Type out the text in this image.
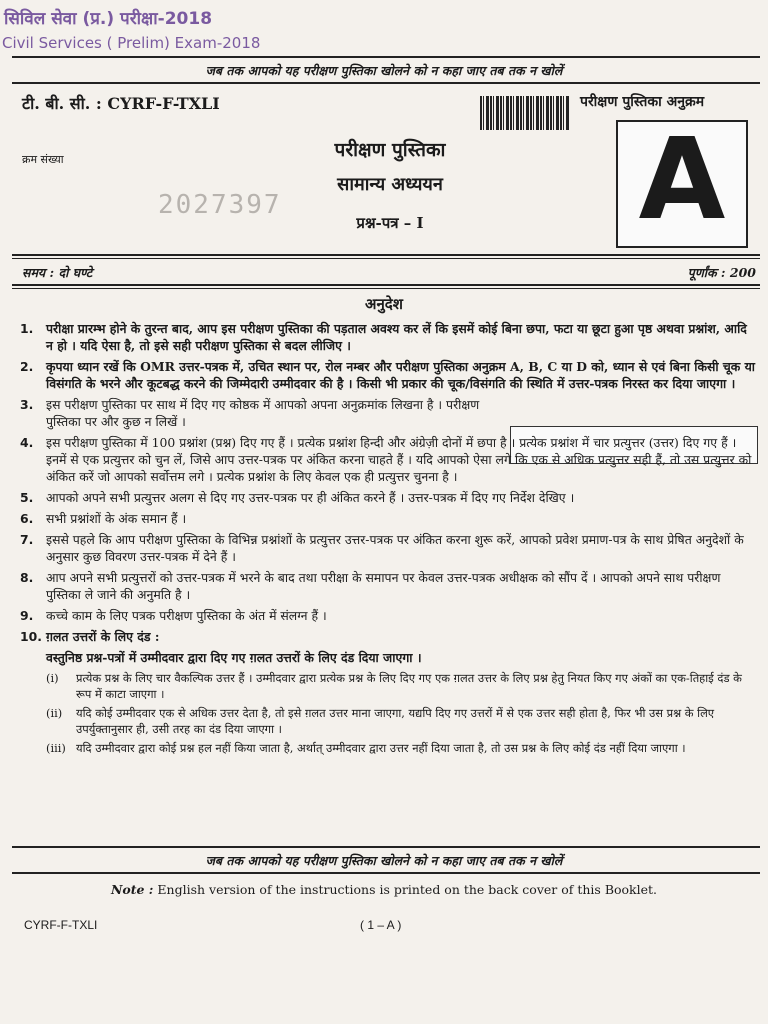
सिविल सेवा (प्र.) परीक्षा-2018
Civil Services ( Prelim) Exam-2018
जब तक आपको यह परीक्षण पुस्तिका खोलने को न कहा जाए तब तक न खोलें
टी. बी. सी. : CYRF-F-TXLI	परीक्षण पुस्तिका अनुक्रम
क्रम संख्या
2027397
परीक्षण पुस्तिका
सामान्य अध्ययन
प्रश्न-पत्र – I	A
समय : दो घण्टे	पूर्णांक : 200
अनुदेश
1.	परीक्षा प्रारम्भ होने के तुरन्त बाद, आप इस परीक्षण पुस्तिका की पड़ताल अवश्य कर लें कि इसमें कोई बिना छपा, फटा या छूटा हुआ पृष्ठ अथवा प्रश्नांश, आदि न हो । यदि ऐसा है, तो इसे सही परीक्षण पुस्तिका से बदल लीजिए ।
2.	कृपया ध्यान रखें कि OMR उत्तर-पत्रक में, उचित स्थान पर, रोल नम्बर और परीक्षण पुस्तिका अनुक्रम A, B, C या D को, ध्यान से एवं बिना किसी चूक या विसंगति के भरने और कूटबद्ध करने की जिम्मेदारी उम्मीदवार की है । किसी भी प्रकार की चूक/विसंगति की स्थिति में उत्तर-पत्रक निरस्त कर दिया जाएगा ।
3.	इस परीक्षण पुस्तिका पर साथ में दिए गए कोष्ठक में आपको अपना अनुक्रमांक लिखना है । परीक्षण पुस्तिका पर और कुछ न लिखें ।
4.	इस परीक्षण पुस्तिका में 100 प्रश्नांश (प्रश्न) दिए गए हैं । प्रत्येक प्रश्नांश हिन्दी और अंग्रेज़ी दोनों में छपा है । प्रत्येक प्रश्नांश में चार प्रत्युत्तर (उत्तर) दिए गए हैं । इनमें से एक प्रत्युत्तर को चुन लें, जिसे आप उत्तर-पत्रक पर अंकित करना चाहते हैं । यदि आपको ऐसा लगे कि एक से अधिक प्रत्युत्तर सही हैं, तो उस प्रत्युत्तर को अंकित करें जो आपको सर्वोत्तम लगे । प्रत्येक प्रश्नांश के लिए केवल एक ही प्रत्युत्तर चुनना है ।
5.	आपको अपने सभी प्रत्युत्तर अलग से दिए गए उत्तर-पत्रक पर ही अंकित करने हैं । उत्तर-पत्रक में दिए गए निर्देश देखिए ।
6.	सभी प्रश्नांशों के अंक समान हैं ।
7.	इससे पहले कि आप परीक्षण पुस्तिका के विभिन्न प्रश्नांशों के प्रत्युत्तर उत्तर-पत्रक पर अंकित करना शुरू करें, आपको प्रवेश प्रमाण-पत्र के साथ प्रेषित अनुदेशों के अनुसार कुछ विवरण उत्तर-पत्रक में देने हैं ।
8.	आप अपने सभी प्रत्युत्तरों को उत्तर-पत्रक में भरने के बाद तथा परीक्षा के समापन पर केवल उत्तर-पत्रक अधीक्षक को सौंप दें । आपको अपने साथ परीक्षण पुस्तिका ले जाने की अनुमति है ।
9.	कच्चे काम के लिए पत्रक परीक्षण पुस्तिका के अंत में संलग्न हैं ।
10. ग़लत उत्तरों के लिए दंड :
वस्तुनिष्ठ प्रश्न-पत्रों में उम्मीदवार द्वारा दिए गए ग़लत उत्तरों के लिए दंड दिया जाएगा ।
(i)	प्रत्येक प्रश्न के लिए चार वैकल्पिक उत्तर हैं । उम्मीदवार द्वारा प्रत्येक प्रश्न के लिए दिए गए एक ग़लत उत्तर के लिए प्रश्न हेतु नियत किए गए अंकों का एक-तिहाई दंड के रूप में काटा जाएगा ।
(ii)	यदि कोई उम्मीदवार एक से अधिक उत्तर देता है, तो इसे ग़लत उत्तर माना जाएगा, यद्यपि दिए गए उत्तरों में से एक उत्तर सही होता है, फिर भी उस प्रश्न के लिए उपर्युक्तानुसार ही, उसी तरह का दंड दिया जाएगा ।
(iii) यदि उम्मीदवार द्वारा कोई प्रश्न हल नहीं किया जाता है, अर्थात् उम्मीदवार द्वारा उत्तर नहीं दिया जाता है, तो उस प्रश्न के लिए कोई दंड नहीं दिया जाएगा ।
जब तक आपको यह परीक्षण पुस्तिका खोलने को न कहा जाए तब तक न खोलें
Note : English version of the instructions is printed on the back cover of this Booklet.
CYRF-F-TXLI	( 1 – A )
